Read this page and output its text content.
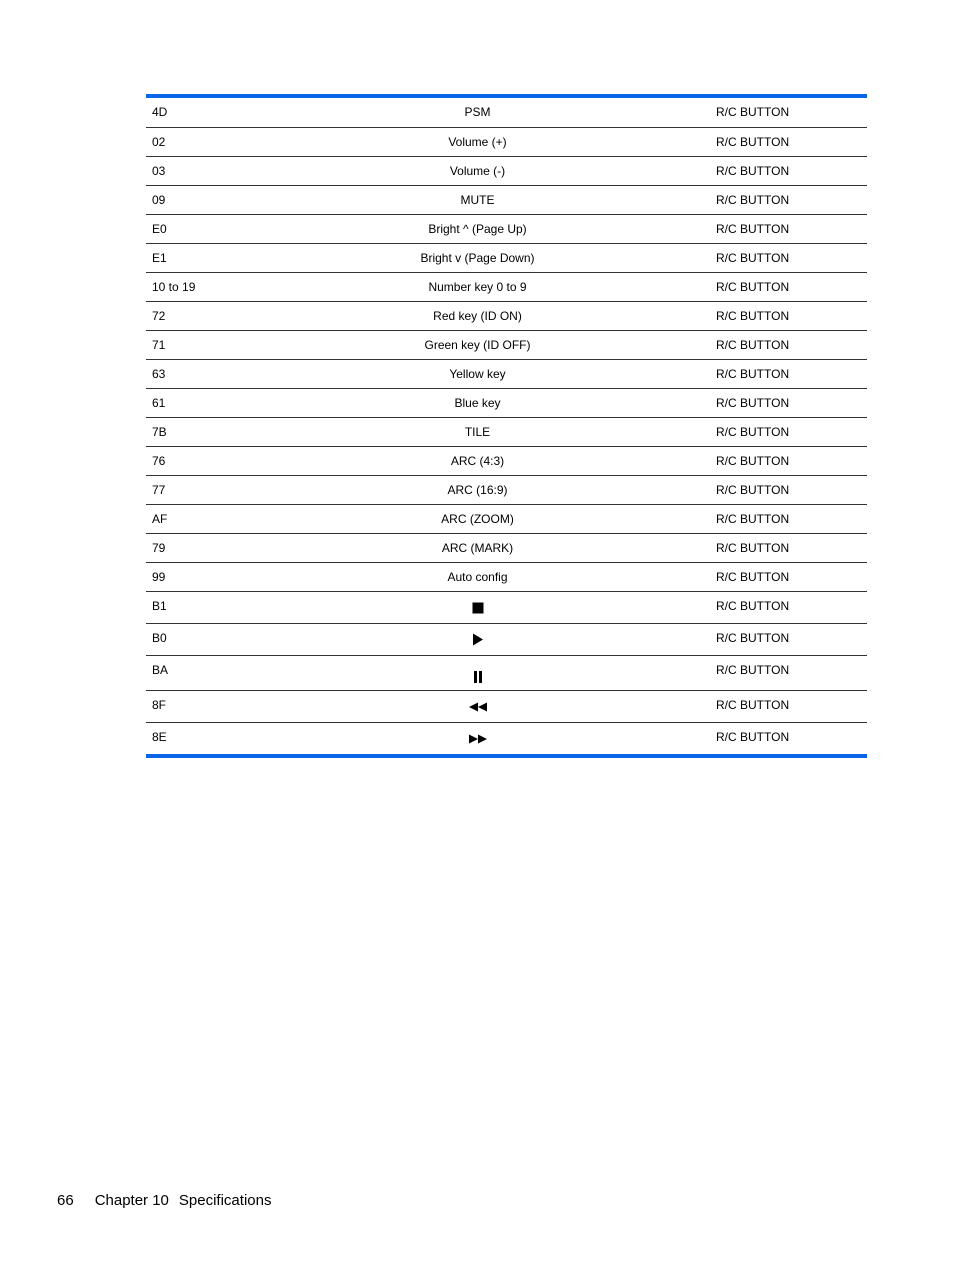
4D	PSM	R/C BUTTON
02	Volume (+)	R/C BUTTON
03	Volume (-)	R/C BUTTON
09	MUTE	R/C BUTTON
E0	Bright ^ (Page Up)	R/C BUTTON
E1	Bright v (Page Down)	R/C BUTTON
10 to 19	Number key 0 to 9	R/C BUTTON
72	Red key (ID ON)	R/C BUTTON
71	Green key (ID OFF)	R/C BUTTON
63	Yellow key	R/C BUTTON
61	Blue key	R/C BUTTON
7B	TILE	R/C BUTTON
76	ARC (4:3)	R/C BUTTON
77	ARC (16:9)	R/C BUTTON
AF	ARC (ZOOM)	R/C BUTTON
79	ARC (MARK)	R/C BUTTON
99	Auto config	R/C BUTTON
B1		R/C BUTTON
B0		R/C BUTTON
BA		R/C BUTTON
8F		R/C BUTTON
8E		R/C BUTTON
66 Chapter 10 Specifications
